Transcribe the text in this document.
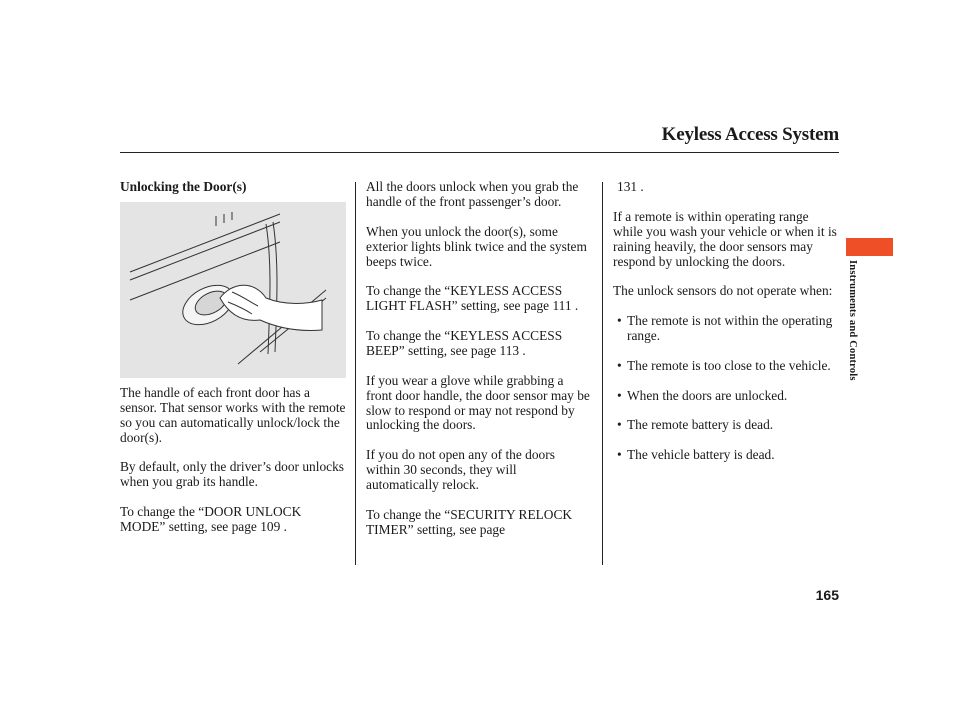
Keyless Access System
Unlocking the Door(s)

The handle of each front door has a sensor. That sensor works with the remote so you can automatically unlock/lock the door(s).

By default, only the driver’s door unlocks when you grab its handle.

To change the “DOOR UNLOCK MODE” setting, see page 109 .

All the doors unlock when you grab the handle of the front passenger’s door.

When you unlock the door(s), some exterior lights blink twice and the system beeps twice.

To change the “KEYLESS ACCESS LIGHT FLASH” setting, see page 111 .

To change the “KEYLESS ACCESS BEEP” setting, see page 113 .

If you wear a glove while grabbing a front door handle, the door sensor may be slow to respond or may not respond by unlocking the doors.

If you do not open any of the doors within 30 seconds, they will automatically relock.

To change the “SECURITY RELOCK TIMER” setting, see page

131 .

If a remote is within operating range while you wash your vehicle or when it is raining heavily, the door sensors may respond by unlocking the doors.

The unlock sensors do not operate when:

• The remote is not within the operating range.
• The remote is too close to the vehicle.
• When the doors are unlocked.
• The remote battery is dead.
• The vehicle battery is dead.
Instruments and Controls
165
